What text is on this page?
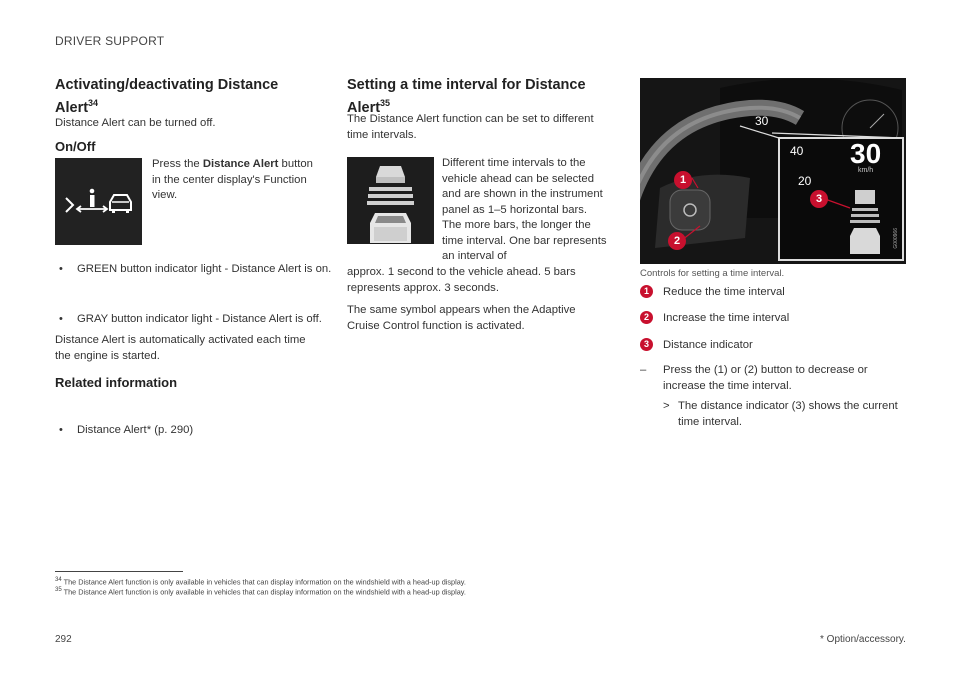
DRIVER SUPPORT
Activating/deactivating Distance Alert$^{34}$
Distance Alert can be turned off.
On/Off
Press the Distance Alert button in the center display's Function view.
• GREEN button indicator light - Distance Alert is on.
• GRAY button indicator light - Distance Alert is off.
Distance Alert is automatically activated each time the engine is started.
Related information
• Distance Alert* (p. 290)
Setting a time interval for Distance Alert$^{35}$
The Distance Alert function can be set to different time intervals.
Different time intervals to the vehicle ahead can be selected and are shown in the instrument panel as 1–5 horizontal bars. The more bars, the longer the time interval. One bar represents an interval of
approx. 1 second to the vehicle ahead. 5 bars represents approx. 3 seconds.
The same symbol appears when the Adaptive Cruise Control function is activated.
30
40 30
km/h
20
1
2
3
G000966
Controls for setting a time interval.
1	Reduce the time interval
2	Increase the time interval
3	Distance indicator
–	Press the (1) or (2) button to decrease or increase the time interval.
> The distance indicator (3) shows the current time interval.
$^{34}$ The Distance Alert function is only available in vehicles that can display information on the windshield with a head-up display.
$^{35}$ The Distance Alert function is only available in vehicles that can display information on the windshield with a head-up display.
292	* Option/accessory.
